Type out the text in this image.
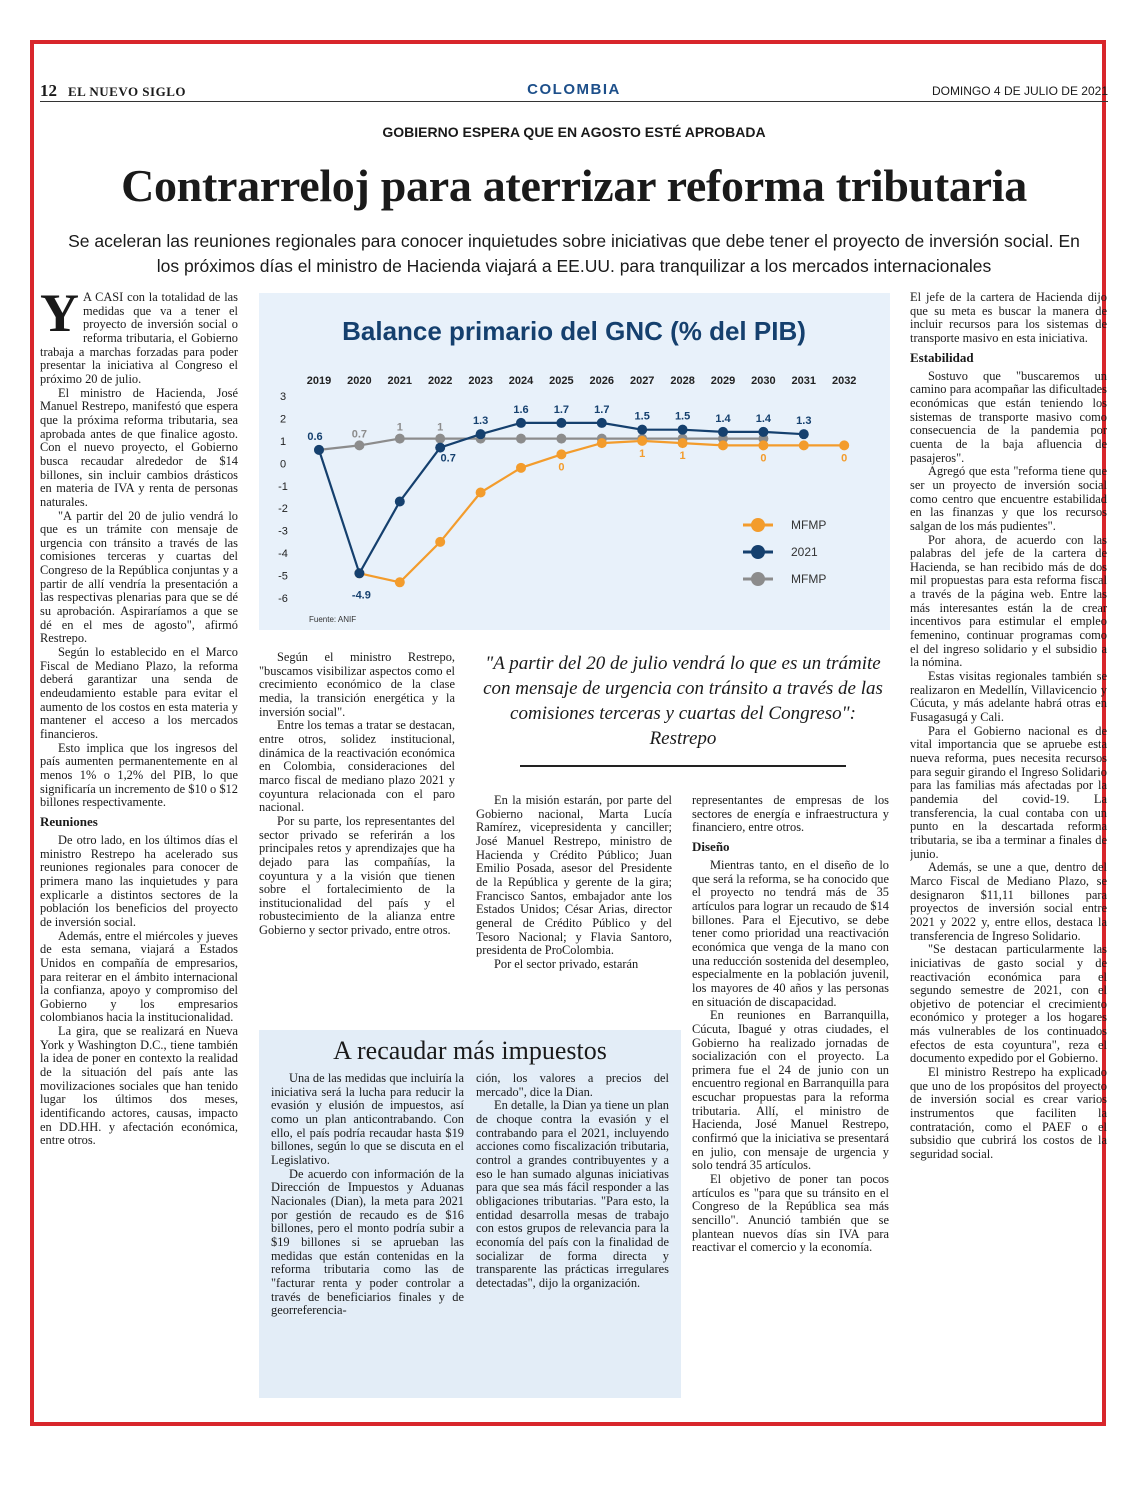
12 EL NUEVO SIGLO	COLOMBIA	DOMINGO 4 DE JULIO DE 2021
GOBIERNO ESPERA QUE EN AGOSTO ESTÉ APROBADA
Contrarreloj para aterrizar reforma tributaria
Se aceleran las reuniones regionales para conocer inquietudes sobre iniciativas que debe tener el proyecto de inversión social. En los próximos días el ministro de Hacienda viajará a EE.UU. para tranquilizar a los mercados internacionales

Y A CASI con la totalidad de las medidas que va a tener el proyecto de inversión social o reforma tributaria, el Gobierno trabaja a marchas forzadas para poder presentar la iniciativa al Congreso el próximo 20 de julio.

El ministro de Hacienda, José Manuel Restrepo, manifestó que espera que la próxima reforma tributaria, sea aprobada antes de que finalice agosto. Con el nuevo proyecto, el Gobierno busca recaudar alrededor de $14 billones, sin incluir cambios drásticos en materia de IVA y renta de personas naturales.

"A partir del 20 de julio vendrá lo que es un trámite con mensaje de urgencia con tránsito a través de las comisiones terceras y cuartas del Congreso de la República conjuntas y a partir de allí vendría la presentación a las respectivas plenarias para que se dé su aprobación. Aspiraríamos a que se dé en el mes de agosto", afirmó Restrepo.

Según lo establecido en el Marco Fiscal de Mediano Plazo, la reforma deberá garantizar una senda de endeudamiento estable para evitar el aumento de los costos en esta materia y mantener el acceso a los mercados financieros.

Esto implica que los ingresos del país aumenten permanentemente en al menos 1% o 1,2% del PIB, lo que significaría un incremento de $10 o $12 billones respectivamente.

Reuniones

De otro lado, en los últimos días el ministro Restrepo ha acelerado sus reuniones regionales para conocer de primera mano las inquietudes y para explicarle a distintos sectores de la población los beneficios del proyecto de inversión social.

Además, entre el miércoles y jueves de esta semana, viajará a Estados Unidos en compañía de empresarios, para reiterar en el ámbito internacional la confianza, apoyo y compromiso del Gobierno y los empresarios colombianos hacia la institucionalidad.

La gira, que se realizará en Nueva York y Washington D.C., tiene también la idea de poner en contexto la realidad de la situación del país ante las movilizaciones sociales que han tenido lugar los últimos dos meses, identificando actores, causas, impacto en DD.HH. y afectación económica, entre otros.

Balance primario del GNC (% del PIB)
2019 2020 2021 2022 2023 2024 2025 2026 2027 2028 2029 2030 2031 2032
3
2
1
0
-1
-2
-3
-4
-5
-6
0.6
-4.9
0.7
1.3
1.6 1.7 1.7
1.5 1.5 1.4 1.4 1.3
0.7
1	1
0
1	1	0	0
MFMP
2021
MFMP
Fuente: ANIF

Según el ministro Restrepo, "buscamos visibilizar aspectos como el crecimiento económico de la clase media, la transición energética y la inversión social".

Entre los temas a tratar se destacan, entre otros, solidez institucional, dinámica de la reactivación económica en Colombia, consideraciones del marco fiscal de mediano plazo 2021 y coyuntura relacionada con el paro nacional.

Por su parte, los representantes del sector privado se referirán a los principales retos y aprendizajes que ha dejado para las compañías, la coyuntura y a la visión que tienen sobre el fortalecimiento de la institucionalidad del país y el robustecimiento de la alianza entre Gobierno y sector privado, entre otros.

"A partir del 20 de julio vendrá lo que es un trámite con mensaje de urgencia con tránsito a través de las comisiones terceras y cuartas del Congreso": Restrepo

En la misión estarán, por parte del Gobierno nacional, Marta Lucía Ramírez, vicepresidenta y canciller; José Manuel Restrepo, ministro de Hacienda y Crédito Público; Juan Emilio Posada, asesor del Presidente de la República y gerente de la gira; Francisco Santos, embajador ante los Estados Unidos; César Arias, director general de Crédito Público y del Tesoro Nacional; y Flavia Santoro, presidenta de ProColombia.

Por el sector privado, estarán

representantes de empresas de los sectores de energía e infraestructura y financiero, entre otros.

Diseño

Mientras tanto, en el diseño de lo que será la reforma, se ha conocido que el proyecto no tendrá más de 35 artículos para lograr un recaudo de $14 billones. Para el Ejecutivo, se debe tener como prioridad una reactivación económica que venga de la mano con una reducción sostenida del desempleo, especialmente en la población juvenil, los mayores de 40 años y las personas en situación de discapacidad.

En reuniones en Barranquilla, Cúcuta, Ibagué y otras ciudades, el Gobierno ha realizado jornadas de socialización con el proyecto. La primera fue el 24 de junio con un encuentro regional en Barranquilla para escuchar propuestas para la reforma tributaria. Allí, el ministro de Hacienda, José Manuel Restrepo, confirmó que la iniciativa se presentará en julio, con mensaje de urgencia y solo tendrá 35 artículos.

El objetivo de poner tan pocos artículos es "para que su tránsito en el Congreso de la República sea más sencillo". Anunció también que se plantean nuevos días sin IVA para reactivar el comercio y la economía.

El jefe de la cartera de Hacienda dijo que su meta es buscar la manera de incluir recursos para los sistemas de transporte masivo en esta iniciativa.

Estabilidad

Sostuvo que "buscaremos un camino para acompañar las dificultades económicas que están teniendo los sistemas de transporte masivo como consecuencia de la pandemia por cuenta de la baja afluencia de pasajeros".

Agregó que esta "reforma tiene que ser un proyecto de inversión social como centro que encuentre estabilidad en las finanzas y que los recursos salgan de los más pudientes".

Por ahora, de acuerdo con las palabras del jefe de la cartera de Hacienda, se han recibido más de dos mil propuestas para esta reforma fiscal a través de la página web. Entre las más interesantes están la de crear incentivos para estimular el empleo femenino, continuar programas como el del ingreso solidario y el subsidio a la nómina.

Estas visitas regionales también se realizaron en Medellín, Villavicencio y Cúcuta, y más adelante habrá otras en Fusagasugá y Cali.

Para el Gobierno nacional es de vital importancia que se apruebe esta nueva reforma, pues necesita recursos para seguir girando el Ingreso Solidario para las familias más afectadas por la pandemia del covid-19. La transferencia, la cual contaba con un punto en la descartada reforma tributaria, se iba a terminar a finales de junio.

Además, se une a que, dentro del Marco Fiscal de Mediano Plazo, se designaron $11,11 billones para proyectos de inversión social entre 2021 y 2022 y, entre ellos, destaca la transferencia de Ingreso Solidario.

"Se destacan particularmente las iniciativas de gasto social y de reactivación económica para el segundo semestre de 2021, con el objetivo de potenciar el crecimiento económico y proteger a los hogares más vulnerables de los continuados efectos de esta coyuntura", reza el documento expedido por el Gobierno.

El ministro Restrepo ha explicado que uno de los propósitos del proyecto de inversión social es crear varios instrumentos que faciliten la contratación, como el PAEF o el subsidio que cubrirá los costos de la seguridad social.

A recaudar más impuestos

Una de las medidas que incluiría la iniciativa será la lucha para reducir la evasión y elusión de impuestos, así como un plan anticontrabando. Con ello, el país podría recaudar hasta $19 billones, según lo que se discuta en el Legislativo.

De acuerdo con información de la Dirección de Impuestos y Aduanas Nacionales (Dian), la meta para 2021 por gestión de recaudo es de $16 billones, pero el monto podría subir a $19 billones si se aprueban las medidas que están contenidas en la reforma tributaria como las de "facturar renta y poder controlar a través de beneficiarios finales y de georreferencia-

ción, los valores a precios del mercado", dice la Dian.

En detalle, la Dian ya tiene un plan de choque contra la evasión y el contrabando para el 2021, incluyendo acciones como fiscalización tributaria, control a grandes contribuyentes y a eso le han sumado algunas iniciativas para que sea más fácil responder a las obligaciones tributarias. "Para esto, la entidad desarrolla mesas de trabajo con estos grupos de relevancia para la economía del país con la finalidad de socializar de forma directa y transparente las prácticas irregulares detectadas", dijo la organización.
